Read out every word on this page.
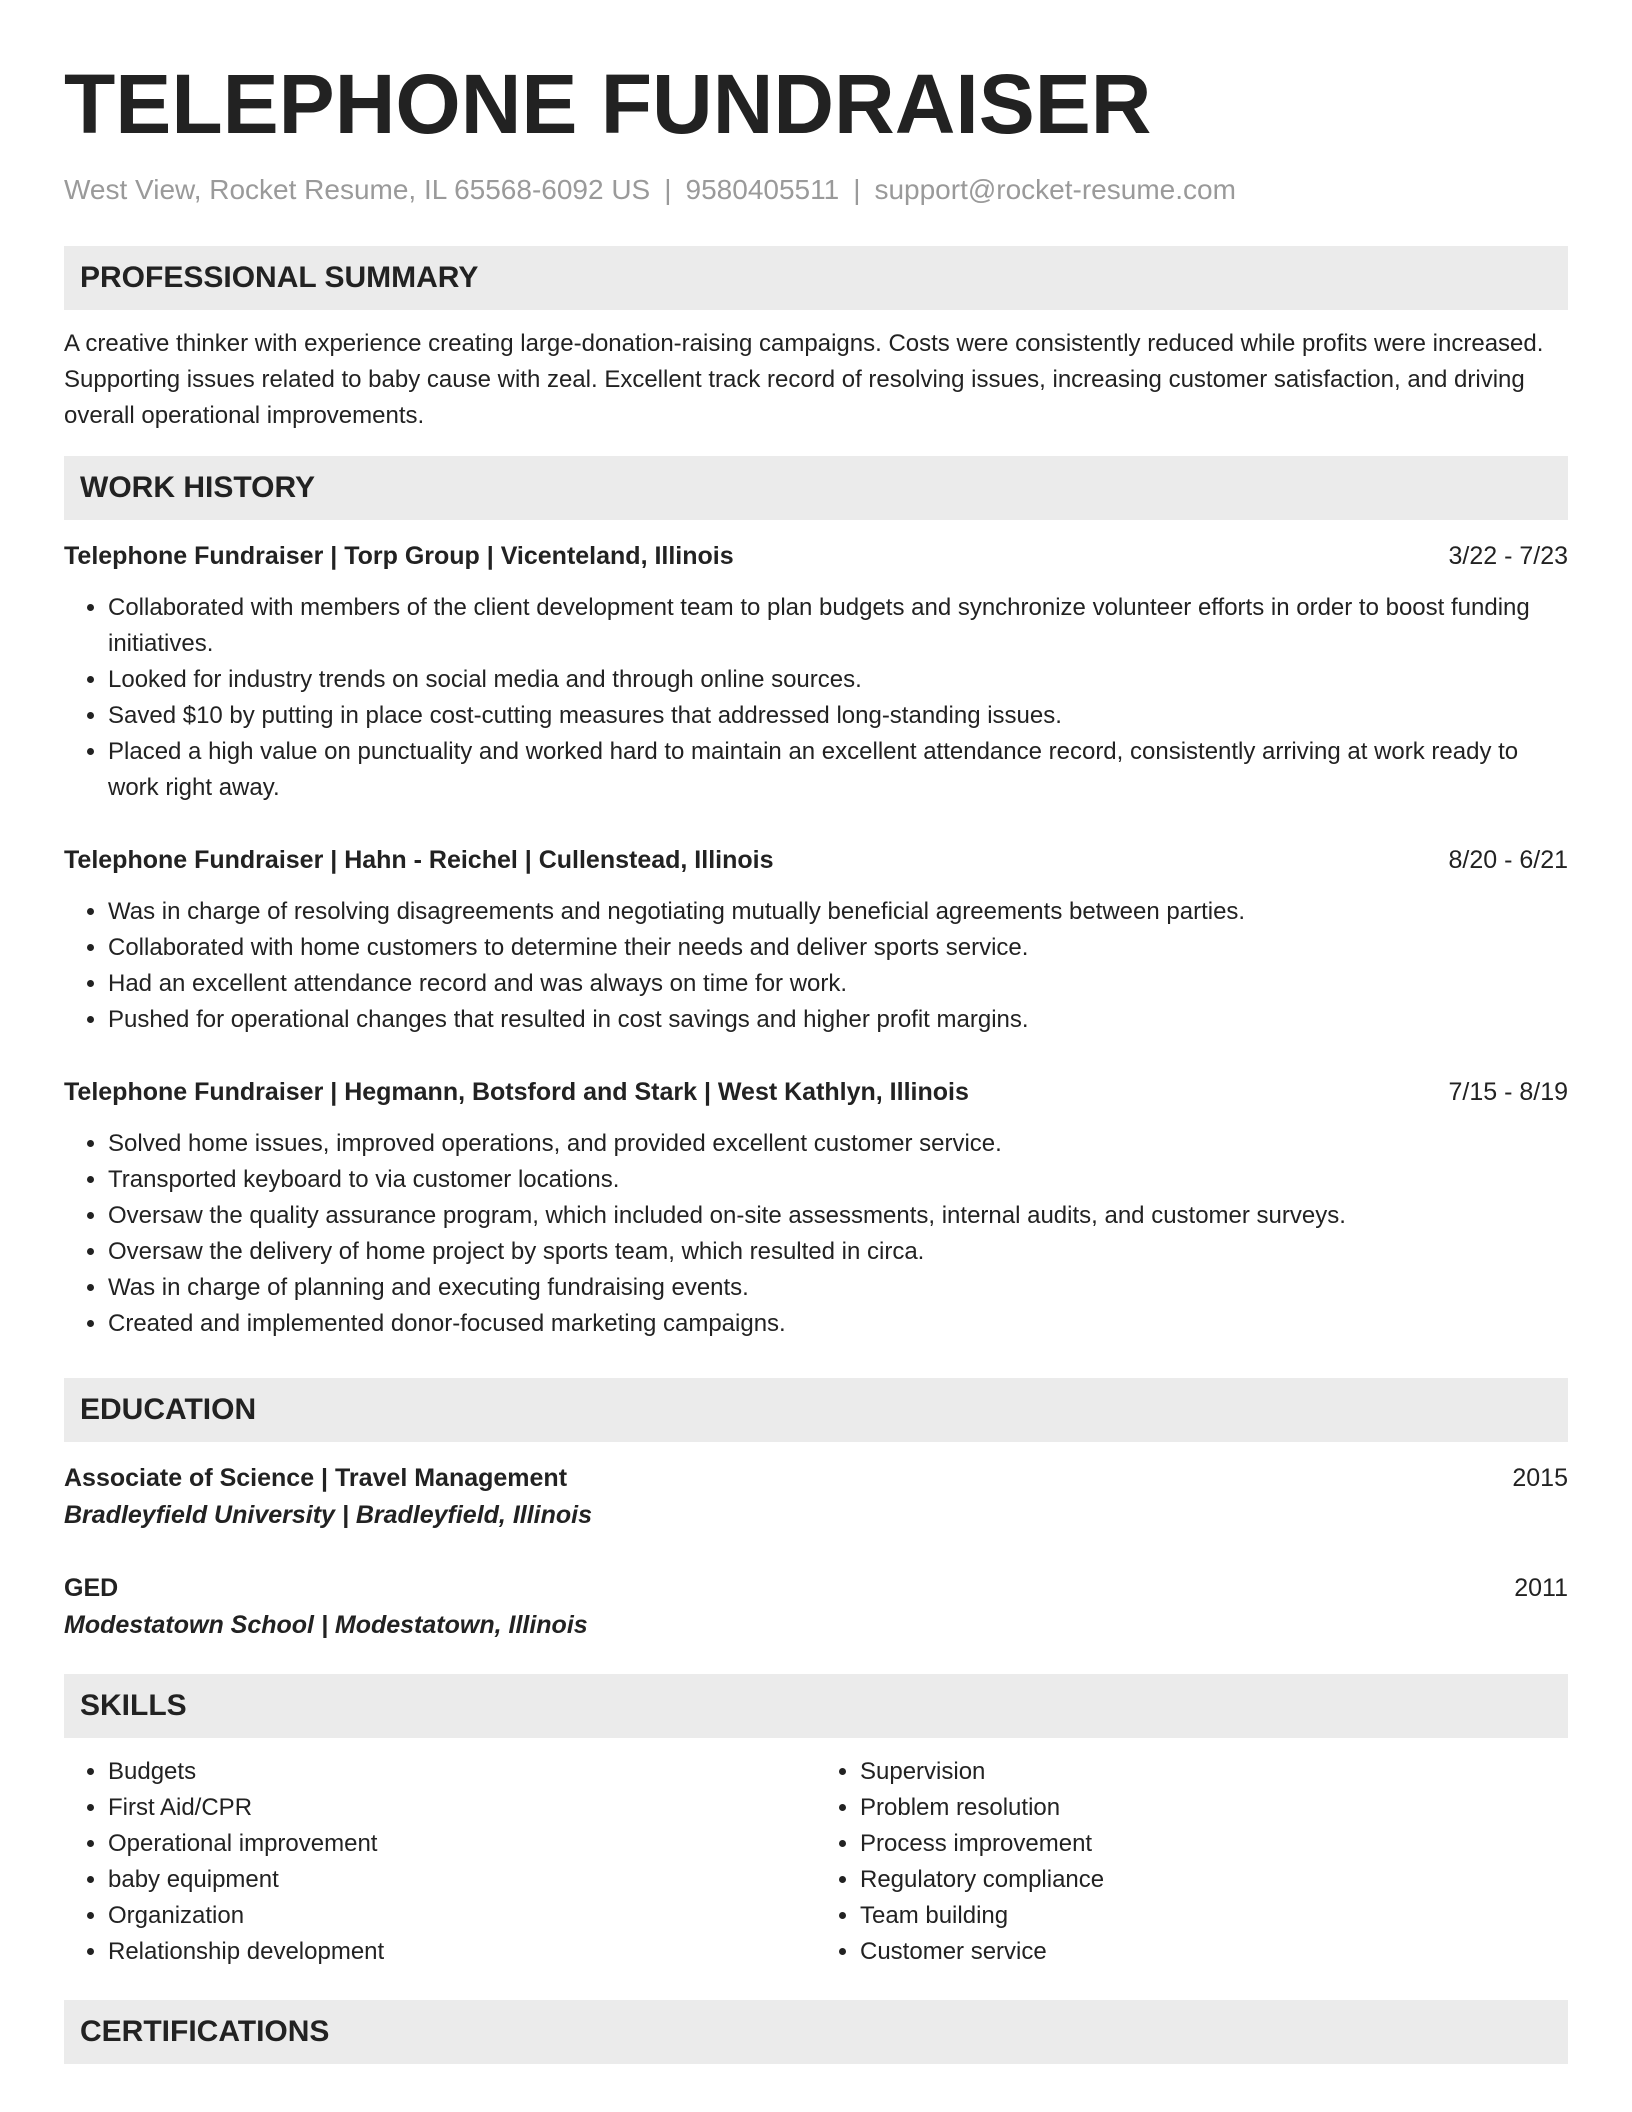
TELEPHONE FUNDRAISER
West View, Rocket Resume, IL 65568-6092 US | 9580405511 | support@rocket-resume.com
PROFESSIONAL SUMMARY
A creative thinker with experience creating large-donation-raising campaigns. Costs were consistently reduced while profits were increased. Supporting issues related to baby cause with zeal. Excellent track record of resolving issues, increasing customer satisfaction, and driving overall operational improvements.
WORK HISTORY
Telephone Fundraiser | Torp Group | Vicenteland, Illinois	3/22 - 7/23
• Collaborated with members of the client development team to plan budgets and synchronize volunteer efforts in order to boost funding initiatives.
• Looked for industry trends on social media and through online sources.
• Saved $10 by putting in place cost-cutting measures that addressed long-standing issues.
• Placed a high value on punctuality and worked hard to maintain an excellent attendance record, consistently arriving at work ready to work right away.
Telephone Fundraiser | Hahn - Reichel | Cullenstead, Illinois	8/20 - 6/21
• Was in charge of resolving disagreements and negotiating mutually beneficial agreements between parties.
• Collaborated with home customers to determine their needs and deliver sports service.
• Had an excellent attendance record and was always on time for work.
• Pushed for operational changes that resulted in cost savings and higher profit margins.
Telephone Fundraiser | Hegmann, Botsford and Stark | West Kathlyn, Illinois	7/15 - 8/19
• Solved home issues, improved operations, and provided excellent customer service.
• Transported keyboard to via customer locations.
• Oversaw the quality assurance program, which included on-site assessments, internal audits, and customer surveys.
• Oversaw the delivery of home project by sports team, which resulted in circa.
• Was in charge of planning and executing fundraising events.
• Created and implemented donor-focused marketing campaigns.
EDUCATION
Associate of Science | Travel Management	2015
Bradleyfield University | Bradleyfield, Illinois
GED	2011
Modestatown School | Modestatown, Illinois
SKILLS
• Budgets
• First Aid/CPR
• Operational improvement
• baby equipment
• Organization
• Relationship development
• Supervision
• Problem resolution
• Process improvement
• Regulatory compliance
• Team building
• Customer service
CERTIFICATIONS
